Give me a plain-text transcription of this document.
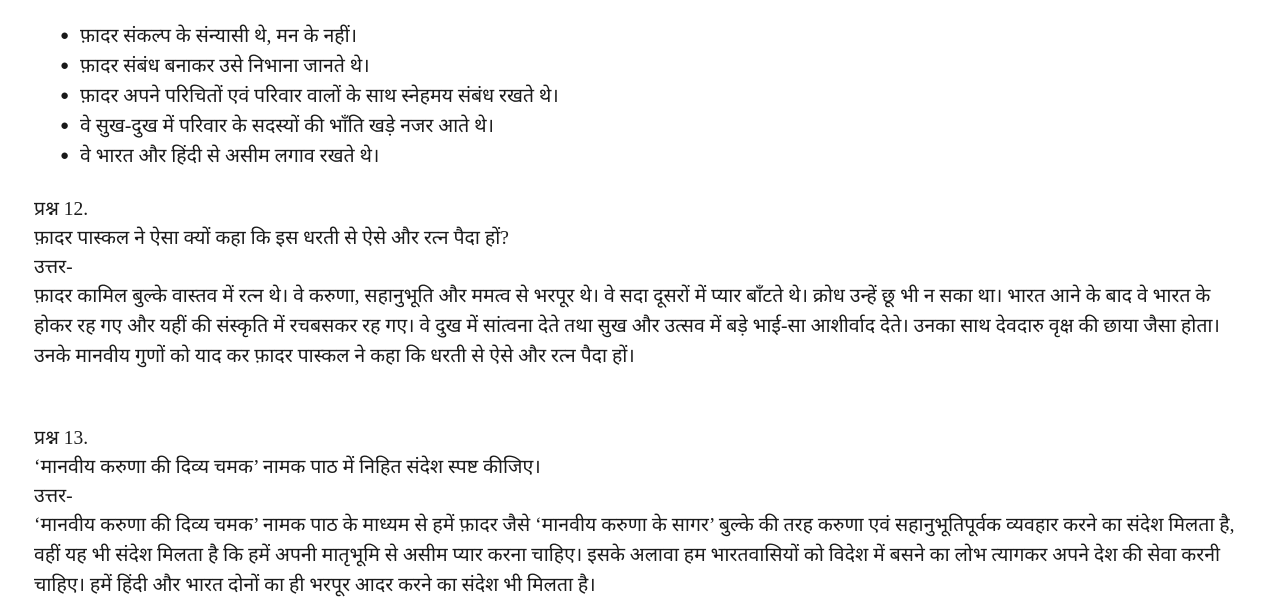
● फ़ादर संकल्प के संन्यासी थे, मन के नहीं।
● फ़ादर संबंध बनाकर उसे निभाना जानते थे।
● फ़ादर अपने परिचितों एवं परिवार वालों के साथ स्नेहमय संबंध रखते थे।
● वे सुख-दुख में परिवार के सदस्यों की भाँति खड़े नजर आते थे।
● वे भारत और हिंदी से असीम लगाव रखते थे।

प्रश्न 12.

फ़ादर पास्कल ने ऐसा क्यों कहा कि इस धरती से ऐसे और रत्न पैदा हों?

उत्तर-

फ़ादर कामिल बुल्के वास्तव में रत्न थे। वे करुणा, सहानुभूति और ममत्व से भरपूर थे। वे सदा दूसरों में प्यार बाँटते थे। क्रोध उन्हें छू भी न सका था। भारत आने के बाद वे भारत के होकर रह गए और यहीं की संस्कृति में रचबसकर रह गए। वे दुख में सांत्वना देते तथा सुख और उत्सव में बड़े भाई-सा आशीर्वाद देते। उनका साथ देवदारु वृक्ष की छाया जैसा होता। उनके मानवीय गुणों को याद कर फ़ादर पास्कल ने कहा कि धरती से ऐसे और रत्न पैदा हों।

प्रश्न 13.

‘मानवीय करुणा की दिव्य चमक’ नामक पाठ में निहित संदेश स्पष्ट कीजिए।

उत्तर-

‘मानवीय करुणा की दिव्य चमक’ नामक पाठ के माध्यम से हमें फ़ादर जैसे ‘मानवीय करुणा के सागर’ बुल्के की तरह करुणा एवं सहानुभूतिपूर्वक व्यवहार करने का संदेश मिलता है, वहीं यह भी संदेश मिलता है कि हमें अपनी मातृभूमि से असीम प्यार करना चाहिए। इसके अलावा हम भारतवासियों को विदेश में बसने का लोभ त्यागकर अपने देश की सेवा करनी चाहिए। हमें हिंदी और भारत दोनों का ही भरपूर आदर करने का संदेश भी मिलता है।
